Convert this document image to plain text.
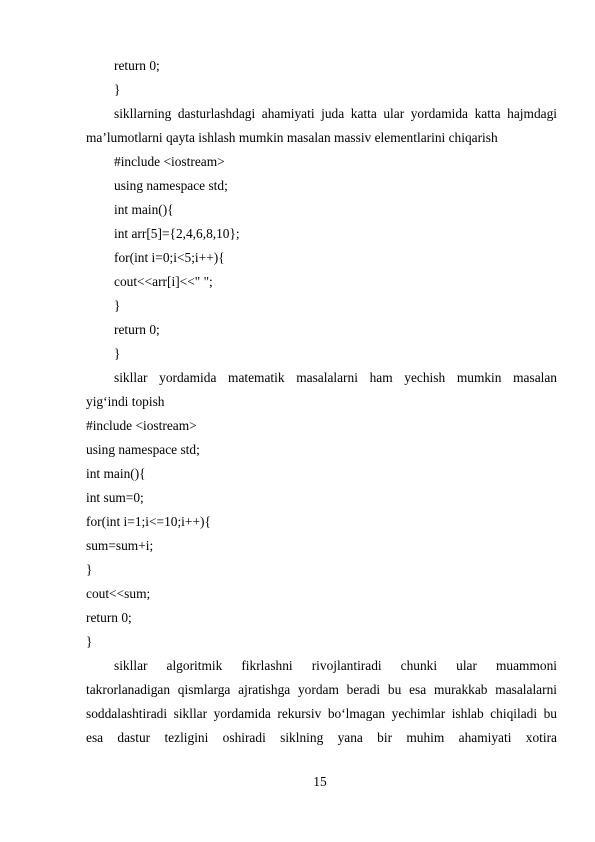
return 0;
}
sikllarning dasturlashdagi ahamiyati juda katta ular yordamida katta hajmdagi
ma’lumotlarni qayta ishlash mumkin masalan massiv elementlarini chiqarish
#include <iostream>
using namespace std;
int main(){
int arr[5]={2,4,6,8,10};
for(int i=0;i<5;i++){
cout<<arr[i]<<" ";
}
return 0;
}
sikllar yordamida matematik masalalarni ham yechish mumkin masalan
yig‘indi topish
#include <iostream>
using namespace std;
int main(){
int sum=0;
for(int i=1;i<=10;i++){
sum=sum+i;
}
cout<<sum;
return 0;
}
sikllar algoritmik fikrlashni rivojlantiradi chunki ular muammoni
takrorlanadigan qismlarga ajratishga yordam beradi bu esa murakkab masalalarni
soddalashtiradi sikllar yordamida rekursiv bo‘lmagan yechimlar ishlab chiqiladi bu
esa dastur tezligini oshiradi siklning yana bir muhim ahamiyati xotira
15
